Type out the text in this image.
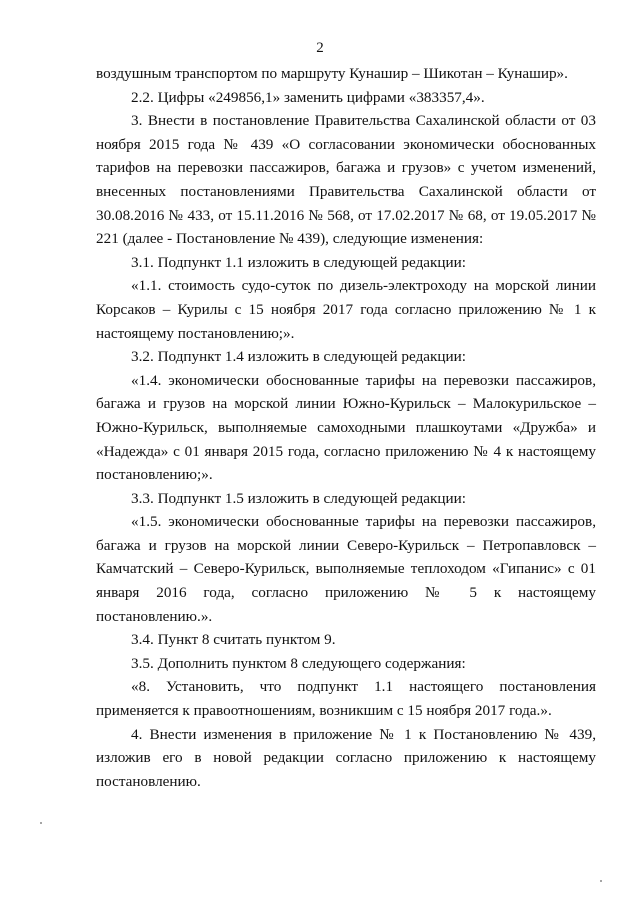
2

воздушным транспортом по маршруту Кунашир – Шикотан – Кунашир».

2.2. Цифры «249856,1» заменить цифрами «383357,4».

3. Внести в постановление Правительства Сахалинской области от 03 ноября 2015 года № 439 «О согласовании экономически обоснованных тарифов на перевозки пассажиров, багажа и грузов» с учетом изменений, внесенных постановлениями Правительства Сахалинской области от 30.08.2016 № 433, от 15.11.2016 № 568, от 17.02.2017 № 68, от 19.05.2017 № 221 (далее - Постановление № 439), следующие изменения:

3.1. Подпункт 1.1 изложить в следующей редакции:

«1.1. стоимость судо-суток по дизель-электроходу на морской линии Корсаков – Курилы с 15 ноября 2017 года согласно приложению № 1 к настоящему постановлению;».

3.2. Подпункт 1.4 изложить в следующей редакции:

«1.4. экономически обоснованные тарифы на перевозки пассажиров, багажа и грузов на морской линии Южно-Курильск – Малокурильское – Южно-Курильск, выполняемые самоходными плашкоутами «Дружба» и «Надежда» с 01 января 2015 года, согласно приложению № 4 к настоящему постановлению;».

3.3. Подпункт 1.5 изложить в следующей редакции:

«1.5. экономически обоснованные тарифы на перевозки пассажиров, багажа и грузов на морской линии Северо-Курильск – Петропавловск – Камчатский – Северо-Курильск, выполняемые теплоходом «Гипанис» с 01 января 2016 года, согласно приложению № 5 к настоящему постановлению.».

3.4. Пункт 8 считать пунктом 9.

3.5. Дополнить пунктом 8 следующего содержания:

«8. Установить, что подпункт 1.1 настоящего постановления применяется к правоотношениям, возникшим с 15 ноября 2017 года.».

4. Внести изменения в приложение № 1 к Постановлению № 439, изложив его в новой редакции согласно приложению к настоящему постановлению.
